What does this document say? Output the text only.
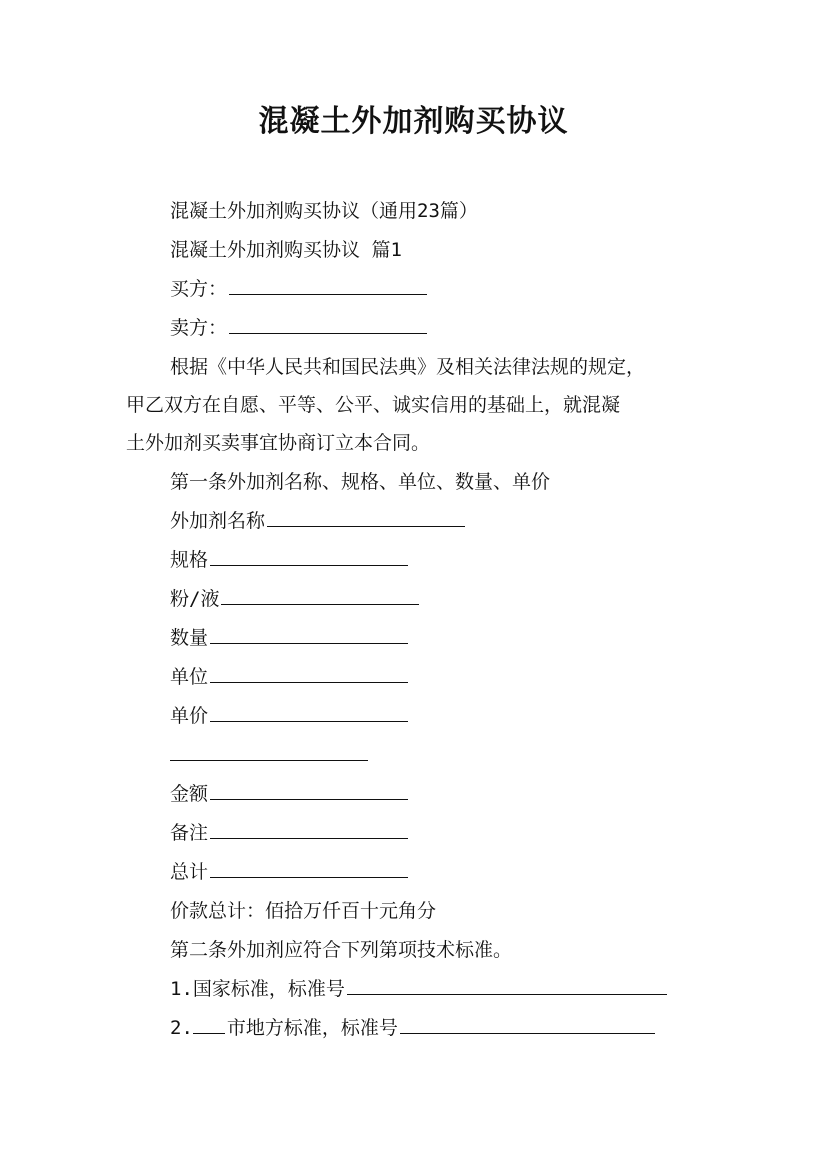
混凝土外加剂购买协议
混凝土外加剂购买协议（通用23篇）
混凝土外加剂购买协议 篇1
买方：
卖方：
根据《中华人民共和国民法典》及相关法律法规的规定，
甲乙双方在自愿、平等、公平、诚实信用的基础上，就混凝
土外加剂买卖事宜协商订立本合同。
第一条外加剂名称、规格、单位、数量、单价
外加剂名称
规格
粉/液
数量
单位
单价
金额
备注
总计
价款总计：佰拾万仟百十元角分
第二条外加剂应符合下列第项技术标准。
1.国家标准，标准号
2. 市地方标准，标准号
